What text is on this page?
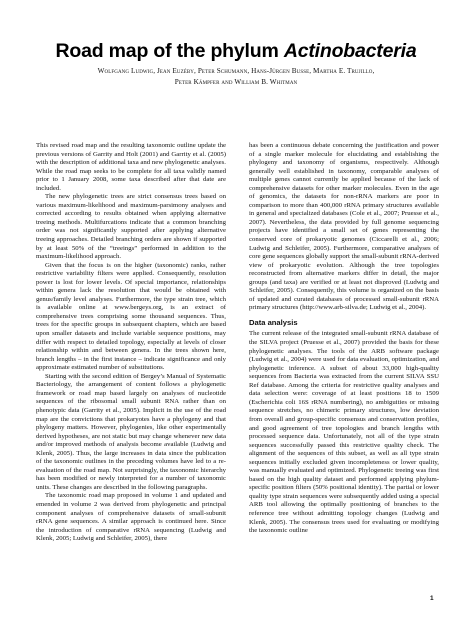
Road map of the phylum Actinobacteria
Wolfgang Ludwig, Jean Euzéby, Peter Schumann, Hans-Jürgen Busse, Martha E. Trujillo,
Peter Kämpfer and William B. Whitman

This revised road map and the resulting taxonomic outline update the previous versions of Garrity and Holt (2001) and Garrity et al. (2005) with the description of additional taxa and new phylogenetic analyses. While the road map seeks to be complete for all taxa validly named prior to 1 January 2008, some taxa described after that date are included.

The new phylogenetic trees are strict consensus trees based on various maximum-likelihood and maximum-parsimony analyses and corrected according to results obtained when applying alternative treeing methods. Multifurcations indicate that a common branching order was not significantly supported after applying alternative treeing approaches. Detailed branching orders are shown if supported by at least 50% of the “treeings” performed in addition to the maximum-likelihood approach.

Given that the focus is on the higher (taxonomic) ranks, rather restrictive variability filters were applied. Consequently, resolution power is lost for lower levels. Of special importance, relationships within genera lack the resolution that would be obtained with genus/family level analyses. Furthermore, the type strain tree, which is available online at www.bergeys.org, is an extract of comprehensive trees comprising some thousand sequences. Thus, trees for the specific groups in subsequent chapters, which are based upon smaller datasets and include variable sequence positions, may differ with respect to detailed topology, especially at levels of closer relationship within and between genera. In the trees shown here, branch lengths – in the first instance – indicate significance and only approximate estimated number of substitutions.

Starting with the second edition of Bergey’s Manual of Systematic Bacteriology, the arrangement of content follows a phylogenetic framework or road map based largely on analyses of nucleotide sequences of the ribosomal small subunit RNA rather than on phenotypic data (Garrity et al., 2005). Implicit in the use of the road map are the convictions that prokaryotes have a phylogeny and that phylogeny matters. However, phylogenies, like other experimentally derived hypotheses, are not static but may change whenever new data and/or improved methods of analysis become available (Ludwig and Klenk, 2005). Thus, the large increases in data since the publication of the taxonomic outlines in the preceding volumes have led to a re-evaluation of the road map. Not surprisingly, the taxonomic hierarchy has been modified or newly interpreted for a number of taxonomic units. These changes are described in the following paragraphs.

The taxonomic road map proposed in volume 1 and updated and emended in volume 2 was derived from phylogenetic and principal component analyses of comprehensive datasets of small-subunit rRNA gene sequences. A similar approach is continued here. Since the introduction of comparative rRNA sequencing (Ludwig and Klenk, 2005; Ludwig and Schleifer, 2005), there

has been a continuous debate concerning the justification and power of a single marker molecule for elucidating and establishing the phylogeny and taxonomy of organisms, respectively. Although generally well established in taxonomy, comparable analyses of multiple genes cannot currently be applied because of the lack of comprehensive datasets for other marker molecules. Even in the age of genomics, the datasets for non-rRNA markers are poor in comparison to more than 400,000 rRNA primary structures available in general and specialized databases (Cole et al., 2007; Pruesse et al., 2007). Nevertheless, the data provided by full genome sequencing projects have identified a small set of genes representing the conserved core of prokaryotic genomes (Ciccarelli et al., 2006; Ludwig and Schleifer, 2005). Furthermore, comparative analyses of core gene sequences globally support the small-subunit rRNA-derived view of prokaryotic evolution. Although the tree topologies reconstructed from alternative markers differ in detail, the major groups (and taxa) are verified or at least not disproved (Ludwig and Schleifer, 2005). Consequently, this volume is organized on the basis of updated and curated databases of processed small-subunit rRNA primary structures (http://www.arb-silva.de; Ludwig et al., 2004).

Data analysis

The current release of the integrated small-subunit rRNA database of the SILVA project (Pruesse et al., 2007) provided the basis for these phylogenetic analyses. The tools of the ARB software package (Ludwig et al., 2004) were used for data evaluation, optimization, and phylogenetic inference. A subset of about 33,000 high-quality sequences from Bacteria was extracted from the current SILVA SSU Ref database. Among the criteria for restrictive quality analyses and data selection were: coverage of at least positions 18 to 1509 (Escherichia coli 16S rRNA numbering), no ambiguities or missing sequence stretches, no chimeric primary structures, low deviation from overall and group-specific consensus and conservation profiles, and good agreement of tree topologies and branch lengths with processed sequence data. Unfortunately, not all of the type strain sequences successfully passed this restrictive quality check. The alignment of the sequences of this subset, as well as all type strain sequences initially excluded given incompleteness or lower quality, was manually evaluated and optimized. Phylogenetic treeing was first based on the high quality dataset and performed applying phylum-specific position filters (50% positional identity). The partial or lower quality type strain sequences were subsequently added using a special ARB tool allowing the optimally positioning of branches to the reference tree without admitting topology changes (Ludwig and Klenk, 2005). The consensus trees used for evaluating or modifying the taxonomic outline

1
